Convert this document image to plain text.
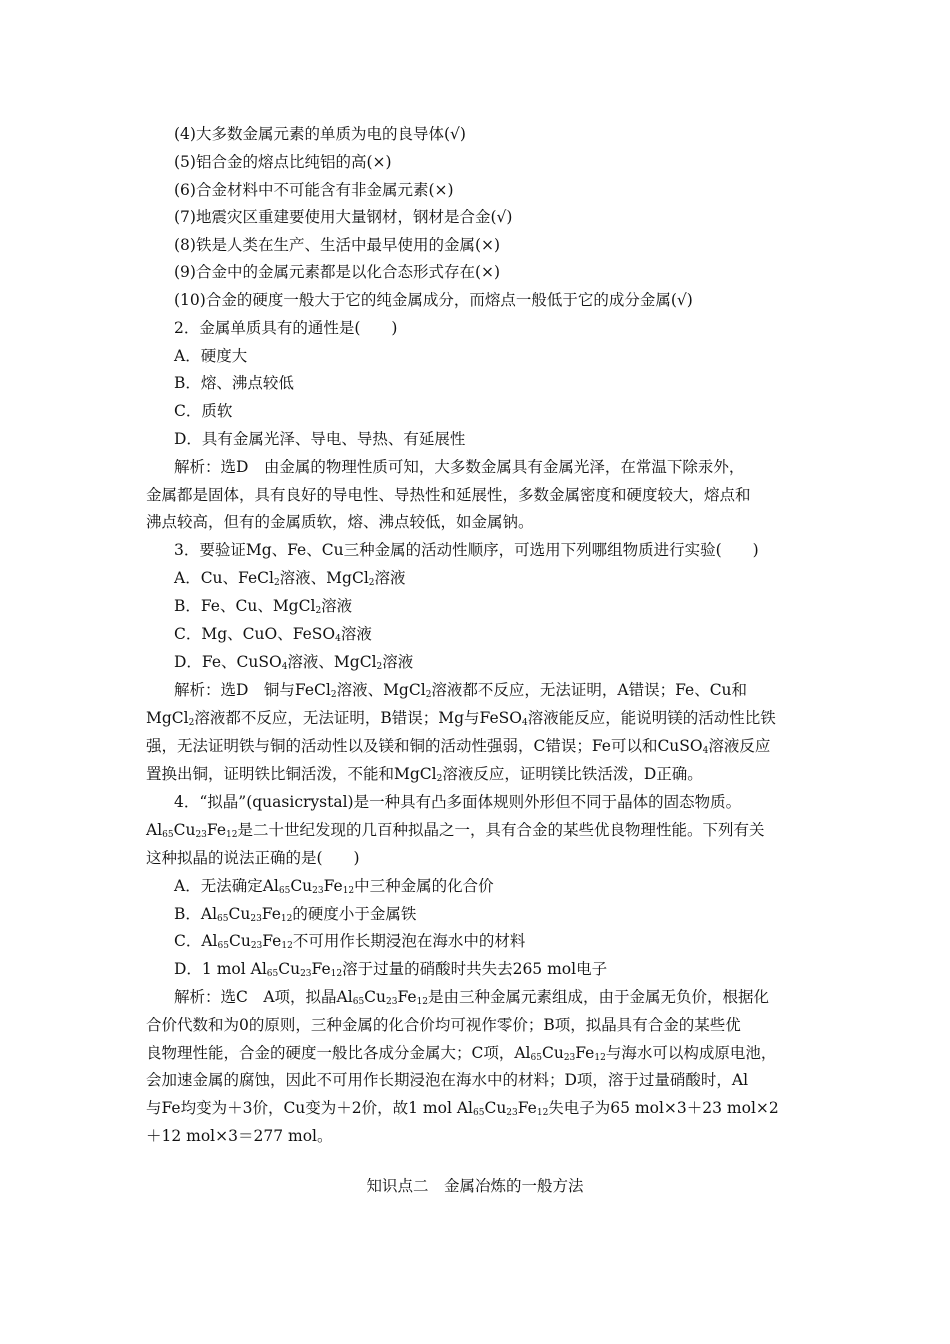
(4)大多数金属元素的单质为电的良导体(√)
(5)铝合金的熔点比纯铝的高(×)
(6)合金材料中不可能含有非金属元素(×)
(7)地震灾区重建要使用大量钢材，钢材是合金(√)
(8)铁是人类在生产、生活中最早使用的金属(×)
(9)合金中的金属元素都是以化合态形式存在(×)
(10)合金的硬度一般大于它的纯金属成分，而熔点一般低于它的成分金属(√)
2．金属单质具有的通性是(　　)
A．硬度大
B．熔、沸点较低
C．质软
D．具有金属光泽、导电、导热、有延展性
解析：选D　由金属的物理性质可知，大多数金属具有金属光泽，在常温下除汞外，
金属都是固体，具有良好的导电性、导热性和延展性，多数金属密度和硬度较大，熔点和
沸点较高，但有的金属质软，熔、沸点较低，如金属钠。
3．要验证Mg、Fe、Cu三种金属的活动性顺序，可选用下列哪组物质进行实验(　　)
A．Cu、FeCl$_2$溶液、MgCl$_2$溶液
B．Fe、Cu、MgCl$_2$溶液
C．Mg、CuO、FeSO$_4$溶液
D．Fe、CuSO$_4$溶液、MgCl$_2$溶液
解析：选D　铜与FeCl$_2$溶液、MgCl$_2$溶液都不反应，无法证明，A错误；Fe、Cu和
MgCl$_2$溶液都不反应，无法证明，B错误；Mg与FeSO$_4$溶液能反应，能说明镁的活动性比铁
强，无法证明铁与铜的活动性以及镁和铜的活动性强弱，C错误；Fe可以和CuSO$_4$溶液反应
置换出铜，证明铁比铜活泼，不能和MgCl$_2$溶液反应，证明镁比铁活泼，D正确。
4．“拟晶”(quasicrystal)是一种具有凸多面体规则外形但不同于晶体的固态物质。
$Al_{65}Cu_{23}Fe_{12}$是二十世纪发现的几百种拟晶之一，具有合金的某些优良物理性能。下列有关
这种拟晶的说法正确的是(　　)
A．无法确定$Al_{65}Cu_{23}Fe_{12}$中三种金属的化合价
B．$Al_{65}Cu_{23}Fe_{12}$的硬度小于金属铁
C．$Al_{65}Cu_{23}Fe_{12}$不可用作长期浸泡在海水中的材料
D．1 mol $Al_{65}Cu_{23}Fe_{12}$溶于过量的硝酸时共失去265 mol电子
解析：选C　A项，拟晶$Al_{65}Cu_{23}Fe_{12}$是由三种金属元素组成，由于金属无负价，根据化
合价代数和为0的原则，三种金属的化合价均可视作零价；B项，拟晶具有合金的某些优
良物理性能，合金的硬度一般比各成分金属大；C项，$Al_{65}Cu_{23}Fe_{12}$与海水可以构成原电池，
会加速金属的腐蚀，因此不可用作长期浸泡在海水中的材料；D项，溶于过量硝酸时，Al
与Fe均变为＋3价，Cu变为＋2价，故1 mol $Al_{65}Cu_{23}Fe_{12}$失电子为65 mol×3＋23 mol×2
＋12 mol×3＝277 mol。
知识点二　金属冶炼的一般方法
